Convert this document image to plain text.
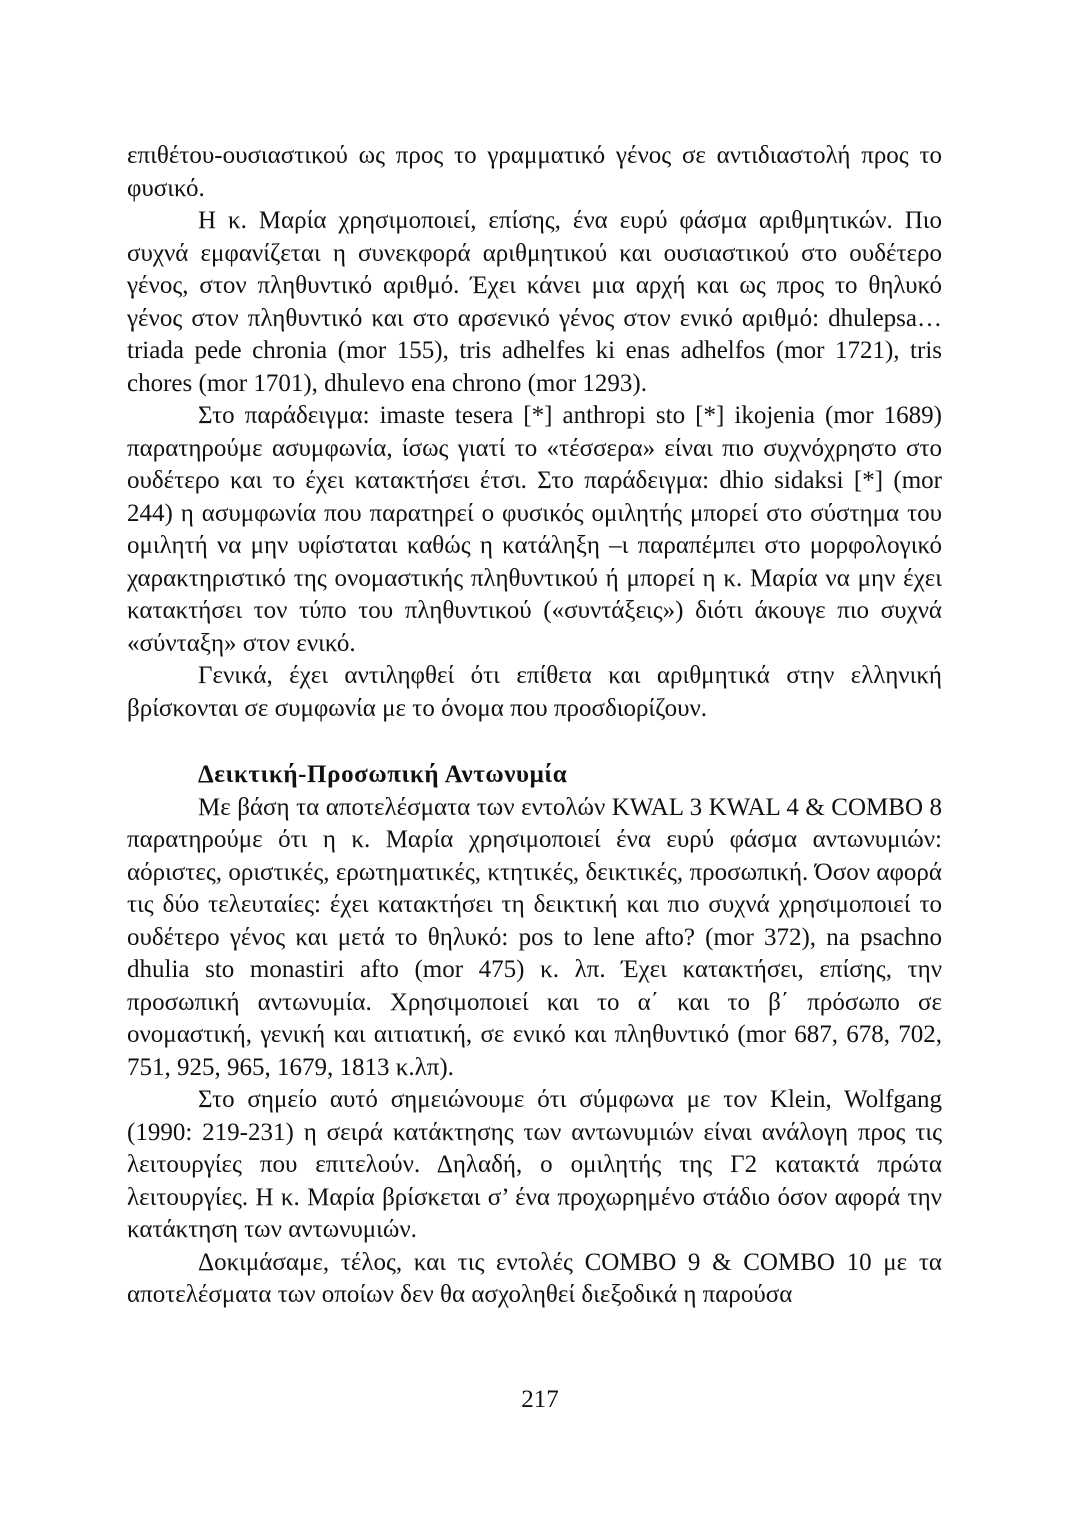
επιθέτου-ουσιαστικού ως προς το γραμματικό γένος σε αντιδιαστολή προς το φυσικό.

Η κ. Μαρία χρησιμοποιεί, επίσης, ένα ευρύ φάσμα αριθμητικών. Πιο συχνά εμφανίζεται η συνεκφορά αριθμητικού και ουσιαστικού στο ουδέτερο γένος, στον πληθυντικό αριθμό. Έχει κάνει μια αρχή και ως προς το θηλυκό γένος στον πληθυντικό και στο αρσενικό γένος στον ενικό αριθμό: dhulepsa…triada pede chronia (mor 155), tris adhelfes ki enas adhelfos (mor 1721), tris chores (mor 1701), dhulevo ena chrono (mor 1293).

Στο παράδειγμα: imaste tesera [*] anthropi sto [*] ikojenia (mor 1689) παρατηρούμε ασυμφωνία, ίσως γιατί το «τέσσερα» είναι πιο συχνόχρηστο στο ουδέτερο και το έχει κατακτήσει έτσι. Στο παράδειγμα: dhio sidaksi [*] (mor 244) η ασυμφωνία που παρατηρεί ο φυσικός ομιλητής μπορεί στο σύστημα του ομιλητή να μην υφίσταται καθώς η κατάληξη –ι παραπέμπει στο μορφολογικό χαρακτηριστικό της ονομαστικής πληθυντικού ή μπορεί η κ. Μαρία να μην έχει κατακτήσει τον τύπο του πληθυντικού («συντάξεις») διότι άκουγε πιο συχνά «σύνταξη» στον ενικό.

Γενικά, έχει αντιληφθεί ότι επίθετα και αριθμητικά στην ελληνική βρίσκονται σε συμφωνία με το όνομα που προσδιορίζουν.

Δεικτική-Προσωπική Αντωνυμία

Με βάση τα αποτελέσματα των εντολών KWAL 3 KWAL 4 & COMBO 8 παρατηρούμε ότι η κ. Μαρία χρησιμοποιεί ένα ευρύ φάσμα αντωνυμιών: αόριστες, οριστικές, ερωτηματικές, κτητικές, δεικτικές, προσωπική. Όσον αφορά τις δύο τελευταίες: έχει κατακτήσει τη δεικτική και πιο συχνά χρησιμοποιεί το ουδέτερο γένος και μετά το θηλυκό: pos to lene afto? (mor 372), na psachno dhulia sto monastiri afto (mor 475) κ. λπ. Έχει κατακτήσει, επίσης, την προσωπική αντωνυμία. Χρησιμοποιεί και το α΄ και το β΄ πρόσωπο σε ονομαστική, γενική και αιτιατική, σε ενικό και πληθυντικό (mor 687, 678, 702, 751, 925, 965, 1679, 1813 κ.λπ).

Στο σημείο αυτό σημειώνουμε ότι σύμφωνα με τον Klein, Wolfgang (1990: 219-231) η σειρά κατάκτησης των αντωνυμιών είναι ανάλογη προς τις λειτουργίες που επιτελούν. Δηλαδή, ο ομιλητής της Γ2 κατακτά πρώτα λειτουργίες. Η κ. Μαρία βρίσκεται σ’ ένα προχωρημένο στάδιο όσον αφορά την κατάκτηση των αντωνυμιών.

Δοκιμάσαμε, τέλος, και τις εντολές COMBO 9 & COMBO 10 με τα αποτελέσματα των οποίων δεν θα ασχοληθεί διεξοδικά η παρούσα

217
